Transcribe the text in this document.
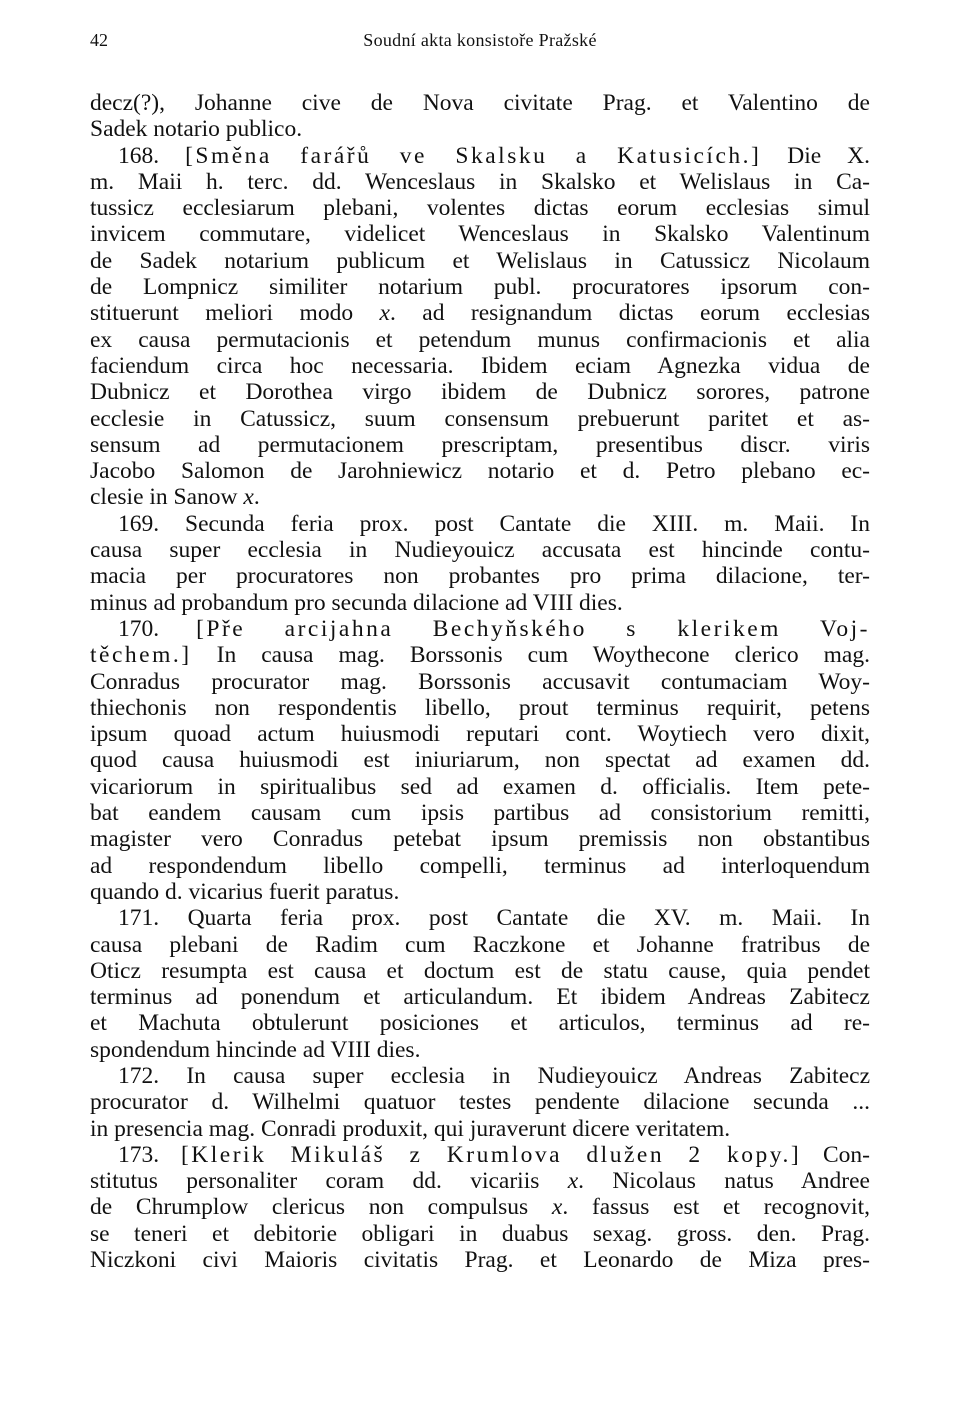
42	Soudní akta konsistoře Pražské
decz(?), Johanne cive de Nova civitate Prag. et Valentino de
Sadek notario publico.
168. [Směna farářů ve Skalsku a Katusicích.] Die X.
m. Maii h. terc. dd. Wenceslaus in Skalsko et Welislaus in Ca-
tussicz ecclesiarum plebani, volentes dictas eorum ecclesias simul
invicem commutare, videlicet Wenceslaus in Skalsko Valentinum
de Sadek notarium publicum et Welislaus in Catussicz Nicolaum
de Lompnicz similiter notarium publ. procuratores ipsorum con-
stituerunt meliori modo x. ad resignandum dictas eorum ecclesias
ex causa permutacionis et petendum munus confirmacionis et alia
faciendum circa hoc necessaria. Ibidem eciam Agnezka vidua de
Dubnicz et Dorothea virgo ibidem de Dubnicz sorores, patrone
ecclesie in Catussicz, suum consensum prebuerunt paritet et as-
sensum ad permutacionem prescriptam, presentibus discr. viris
Jacobo Salomon de Jarohniewicz notario et d. Petro plebano ec-
clesie in Sanow x.
169. Secunda feria prox. post Cantate die XIII. m. Maii. In
causa super ecclesia in Nudieyouicz accusata est hincinde contu-
macia per procuratores non probantes pro prima dilacione, ter-
minus ad probandum pro secunda dilacione ad VIII dies.
170. [Pře arcijahna Bechyňského s klerikem Voj-
těchem.] In causa mag. Borssonis cum Woythecone clerico mag.
Conradus procurator mag. Borssonis accusavit contumaciam Woy-
thiechonis non respondentis libello, prout terminus requirit, petens
ipsum quoad actum huiusmodi reputari cont. Woytiech vero dixit,
quod causa huiusmodi est iniuriarum, non spectat ad examen dd.
vicariorum in spiritualibus sed ad examen d. officialis. Item pete-
bat eandem causam cum ipsis partibus ad consistorium remitti,
magister vero Conradus petebat ipsum premissis non obstantibus
ad respondendum libello compelli, terminus ad interloquendum
quando d. vicarius fuerit paratus.
171. Quarta feria prox. post Cantate die XV. m. Maii. In
causa plebani de Radim cum Raczkone et Johanne fratribus de
Oticz resumpta est causa et doctum est de statu cause, quia pendet
terminus ad ponendum et articulandum. Et ibidem Andreas Zabitecz
et Machuta obtulerunt posiciones et articulos, terminus ad re-
spondendum hincinde ad VIII dies.
172. In causa super ecclesia in Nudieyouicz Andreas Zabitecz
procurator d. Wilhelmi quatuor testes pendente dilacione secunda ...
in presencia mag. Conradi produxit, qui juraverunt dicere veritatem.
173. [Klerik Mikuláš z Krumlova dlužen 2 kopy.] Con-
stitutus personaliter coram dd. vicariis x. Nicolaus natus Andree
de Chrumplow clericus non compulsus x. fassus est et recognovit,
se teneri et debitorie obligari in duabus sexag. gross. den. Prag.
Niczkoni civi Maioris civitatis Prag. et Leonardo de Miza pres-
